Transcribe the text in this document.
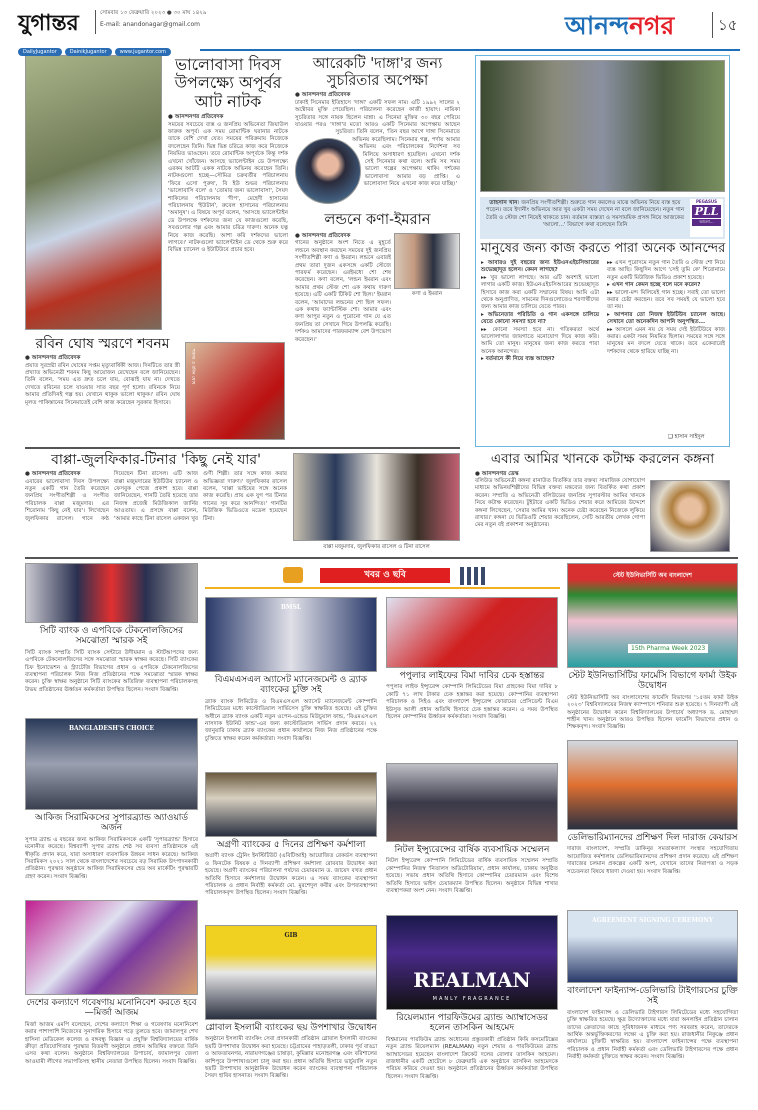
যুগান্তর	সোমবার ১৩ ফেব্রুয়ারি ২০২৩ ● ৩০ মাঘ ১৪২৯
E-mail: anandonagar@gmail.com
DailyJugantor	DainikJugantor	www.jugantor.com
আনন্দনগর	১৫
ভালোবাসা দিবস উপলক্ষ্যে অপূর্বর আট নাটক
● আনন্দনগর প্রতিবেদক
সময়ের সবচেয়ে ব্যস্ত ও জনপ্রিয় অভিনেতা জিয়াউল ফারুক অপূর্ব। এক সময় রোমান্টিক ঘরানার নাটকে তাকে বেশি দেখা যেত। সময়ের পরিক্রমায় নিজেকে বদলেছেন তিনি। ভিন্ন ভিন্ন চরিত্রে কাজ করে নিজেকে নিয়মিত ভাঙছেন। তবে রোমান্টিক অপূর্বকে কিন্তু দর্শক এখনো খোঁজেন। আসছে ভ্যালেন্টাইন ডে উপলক্ষ্যে এরকম আটটি একক নাটকে অভিনয় করেছেন তিনি। নাটকগুলো হচ্ছে—সৌমিত্র চক্রবর্তীর পরিচালনায় 'ফিরে এসো পুরুষ', বি ইউ শুভর পরিচালনায় 'ভালোবাসি বলে' ও 'তোমার জন্য ভালোবাসা', সৈয়দ শাকিলের পরিচালনায় 'দীপ', মেহেদী হাসানের পরিচালনায় 'ইউটার্ন', রুবেল হাসানের পরিচালনায় 'অমানুষ'। এ বিষয়ে অপূর্ব বলেন, 'আসছে ভ্যালেন্টাইন ডে উপলক্ষে দর্শকদের জন্য যে কাজগুলো করেছি, সবগুলোর গল্প এবং আমার চরিত্র দারুণ। অনেক যত্ন নিয়ে কাজ করেছি। আশা করি দর্শকদের ভালো লাগবে।' নাটকগুলো ভ্যালেন্টাইন ডে থেকে শুরু করে বিভিন্ন চ্যানেল ও ইউটিউবে প্রচার হবে।
আরেকটি 'দাঙ্গা'র জন্য সুচরিতার অপেক্ষা
● আনন্দনগর প্রতিবেদক
ঢাকাই সিনেমার ইতিহাসে 'দাঙ্গা' একটি সফল নাম। এটি ১৯৯২ সালের ২ অক্টোবর মুক্তি পেয়েছিল। পরিচালনা করেছেন কাজী হায়াৎ। নায়িকা সুচরিতার সঙ্গে নায়ক ছিলেন মান্না। এ সিনেমা মুক্তির ৩০ বছর পেরিয়ে যাওয়ার পরও 'দাঙ্গা'র মতো আরও একটি সিনেমার অপেক্ষায় আছেন সুচরিতা। তিনি বলেন, 'তিন বছর আগে দাঙ্গা সিনেমাতে অভিনয় করেছিলাম। সিনেমার গল্প, পর্দায় আমার অভিনয় এবং পরিচালকের নির্দেশনা সব মিলিয়ে অসাধারণ হয়েছিল। এখনো দর্শক সেই সিনেমার কথা বলে। আমি সব সময় ভালো গল্পের অপেক্ষায় থাকি। দর্শকের ভালোবাসা আমার বড় প্রাপ্তি। এ ভালোবাসা নিয়ে এখনো কাজ করে যাচ্ছি।'
লন্ডনে কণা-ইমরান
● আনন্দনগর প্রতিবেদক
গানের অনুষ্ঠানে অংশ নিতে এ মুহূর্তে লন্ডনে অবস্থান করছেন সময়ের দুই জনপ্রিয় সংগীতশিল্পী কণা ও ইমরান। লন্ডনে এবারই প্রথম তারা দুজন একসঙ্গে একটি স্টেজে পারফর্ম করেছেন। এরইমধ্যে শো শেষ করেছেন। কণা বলেন, 'লন্ডন ইমরান এবং আমার প্রথম স্টেজ শো এক কথায় দারুণ হয়েছে। এটি একটি টিকিট শো ছিল।' ইমরান বলেন, 'আমাদের লন্ডনের শো ছিল সফল। এক কথায় ফ্যান্টাস্টিক শো। আমার এবং কণা আপুর নতুন ও পুরোনো গান যে এত জনপ্রিয় তা সেখানে গিয়ে উপলব্ধি করেছি। দর্শকও আমাদের পারফরম্যান্স বেশ উপভোগ করেছেন।'
কণা ও ইমরান
রবিন ঘোষ স্মরণে শবনম
● আনন্দনগর প্রতিবেদক
প্রয়াত সুরস্রষ্টা রবিন ঘোষের সপ্তম মৃত্যুবার্ষিকী আজ। দিনটিতে তার স্ত্রী প্রখ্যাত অভিনেত্রী শবনম কিছু আয়োজন রেখেছেন বলে জানিয়েছেন। তিনি বলেন, 'সময় এত দ্রুত চলে যায়, বোঝাই যায় না। দেখতে দেখতে রবিনের চলে যাওয়ার সাত বছর পূর্ণ হলো। রবিনকে নিয়ে আমার প্রতিদিনই গল্প হয়। যেখানে থাকুক ভালো থাকুক।' রবিন ঘোষ মূলত পাকিস্তানের সিনেমাতেই বেশি কাজ করেছেন সুরকার হিসাবে।
শবনম ও রবিন ঘোষ
বাপ্পা-জুলফিকার-টিনার 'কিছু নেই যার'
● আনন্দনগর প্রতিবেদক
এবারের ভালোবাসা দিবস উপলক্ষ্যে নতুন একটি গান তৈরি করেছেন জনপ্রিয় সংগীতশিল্পী ও সংগীত পরিচালক বাপ্পা মজুমদার। এর শিরোনাম 'কিছু নেই যার'। লিখেছেন জুলফিকার রাসেল। গানে কণ্ঠ দিয়েছেন টিনা রাসেল। এটি আজ বাপ্পা মজুমদারের ইউটিউব চ্যানেল ও ফেসবুক পেজে প্রকাশ হবে। বাপ্পা জানিয়েছেন, গানটি তৈরি হয়েছে তার নিজস্ব প্রজেক্ট মিউজিকাল জার্নির আওতায়। এ প্রসঙ্গে বাপ্পা বলেন, 'আমার কাছে টিনা রাসেল একজন খুব গুণী শিল্পী। তার সঙ্গে কাজ করার অভিজ্ঞতা দারুণ।' জুলফিকার রাসেল বলেন, 'বাপ্পা ভাইয়ের সঙ্গে অনেক কাজ করেছি। প্রায় এক যুগ পর টিনার গানের সুর করে আনন্দিত।' গানটির মিউজিক ভিডিওতে মডেল হয়েছেন টিনা।
বাপ্পা মজুমদার, জুলফিকার রাসেল ও টিনা রাসেল
তাহসান খান। জনপ্রিয় সংগীতশিল্পী। শুরুতে গান করলেও মাঝে অভিনয় নিয়ে ব্যস্ত হয়ে পড়েন। তবে ইদানীং অভিনয়ে আর খুব একটা সময় দেখেন না বলে জানিয়েছেন। নতুন গান তৈরি ও স্টেজ শো নিয়েই থাকতে চান। বর্তমান ব্যস্ততা ও সমসাময়িক প্রসঙ্গ নিয়ে আজকের 'আলো...' বিভাগে কথা বলেছেন তিনি
PEGASUS
PLL
আলো...
মানুষের জন্য কাজ করতে পারা অনেক আনন্দের
▸ আবারও দুই বছরের জন্য ইউএনএইচসিআরের শুভেচ্ছাদূত হলেন। কেমন লাগছে?
▸▸ খুব ভালো লাগছে। আর এটি অবশ্যই ভালো লাগার একটি কাজ। ইউএনএইচসিআরের শুভেচ্ছাদূত হিসাবে কাজ করা একটি সম্মানের বিষয়। আমি এটা থেকে অনুপ্রাণিত, সামনের দিনগুলোতেও শরণার্থীদের জন্য আমার কাজ চালিয়ে যেতে পারব।
▸ অভিনেতার পরিচিতি ও গান একসঙ্গে চালিয়ে যেতে কোনো সমস্যা হবে না?
▸▸ কোনো সমস্যা হবে না। গতিকরতা অর্থে ভালোলাগার জায়গাতে মনোযোগ দিয়ে কাজ করি। আমি তো মানুষ। মানুষের জন্য কাজ করতে পারা অনেক আনন্দের।
▸ বর্তমানে কী নিয়ে ব্যস্ত আছেন?
▸▸ এখন পুরোদমে নতুন গান তৈরি ও স্টেজ শো নিয়ে ব্যস্ত আছি। কিছুদিন আগে 'সেই তুমি কে' শিরোনামে নতুন একটি মিউজিক ভিডিও প্রকাশ হয়েছে।
▸ এখন গান কেমন হচ্ছে বলে মনে করেন?
▸▸ ভালো-মন্দ মিলিয়েই গান হচ্ছে। সবাই তো ভালো করার চেষ্টা করছেন। তবে সব সময়ই যে ভালো হবে তা নয়।
▸ আপনার তো নিজস্ব ইউটিউব চ্যানেল আছে। সেখানে তো অনেকদিন আপনি অনুপস্থিত...
▸▸ আসলে এমন নয় যে সময় দেই ইউটিউবে কাজ করার। একটা সময় নিয়মিত ছিলাম। সময়ের সঙ্গে সঙ্গে মানুষের মন বদলে যেতে থাকে। তবে একেবারেই দর্শকদের থেকে হারিয়ে যাচ্ছি না।
❑ হাসান সাইদুল
এবার আমির খানকে কটাক্ষ করলেন কঙ্গনা
● আনন্দনগর ডেস্ক
বলিউড অভিনেত্রী কঙ্গনা রানাউত বিতর্কিত তার বক্তব্য সামাজিক যোগাযোগ মাধ্যমে অভিনয়শিল্পীদের বিভিন্ন বক্তব্য মন্তব্যের জন্য বিতর্কিত কথা প্রকাশ করেন। সম্প্রতি এ অভিনেত্রী বলিউডের জনপ্রিয় সুপারস্টার আমির খানকে নিয়ে কটাক্ষ করেছেন। টুইটারে একটি ভিডিও শেয়ার করে আমিরের উদ্দেশে কঙ্গনা লিখেছেন, 'সেরার আমির খান। অনেক চেষ্টা করেছেন নিজেকে লুকিয়ে রাখার।' কঙ্গনা যে ভিডিওটি শেয়ার করেছিলেন, সেটি আরতীয় লেখক গোপা মের নতুন বই প্রকাশনা অনুষ্ঠানের।
খবর ও ছবি
সিটি ব্যাংক ও এপবিকে টেকনোলজিসের সমঝোতা স্মারক সই
সিটি ব্যাংক সম্প্রতি সিটি ব্যাংক সেন্টারে উদীয়মান ও স্টার্টআপদের জন্য এপবিকে টেকনোলজিসের সঙ্গে সমঝোতা স্মারক স্বাক্ষর করেছে। সিটি ব্যাংকের চিফ ইনোভেশন ও স্ট্র্যাটেজি বিভাগের প্রধান ও এপবিকে টেকনোলজিসের ব্যবস্থাপনা পরিচালক নিজ নিজ প্রতিষ্ঠানের পক্ষে সমঝোতা স্মারক স্বাক্ষর করেন। চুক্তি স্বাক্ষর অনুষ্ঠানে সিটি ব্যাংকের অতিরিক্ত ব্যবস্থাপনা পরিচালকসহ উভয় প্রতিষ্ঠানের ঊর্ধ্বতন কর্মকর্তারা উপস্থিত ছিলেন। সংবাদ বিজ্ঞপ্তি।
BANGLADESH'S CHOICE
আকিজ সিরামিকসের সুপারব্র্যান্ড অ্যাওয়ার্ড অর্জন
সুপার ব্র্যান্ড এ বছরের জন্য আকিজ সিরামিকসকে একটি 'সুপারব্র্যান্ড' হিসাবে মনোনীত করেছে। বিশ্বব্যাপী সুপার ব্র্যান্ড শেষ্ঠ সব ব্যবসা প্রতিষ্ঠানকে এই স্বীকৃতি প্রদান করে, যারা অসাধারণ ব্যবসায়িক উন্নয়ন সাধন করেছে। আকিজ সিরামিকস ২০২১ সাল থেকে বাংলাদেশের সবচেয়ে বড় সিরামিক উৎপাদনকারী প্রতিষ্ঠান। পুরস্কার অনুষ্ঠানে আকিজ সিরামিকসের হেড অব মার্কেটিং পুরস্কারটি গ্রহণ করেন। সংবাদ বিজ্ঞপ্তি।
দেশের কল্যাণে গবেষণায় মনোনিবেশ করতে হবে—মির্জা আজম
মির্জা আজম এমপি বলেছেন, দেশের কল্যাণে শিক্ষা ও গবেষণায় মনোনিবেশ করার পাশাপাশি নিজেদের সুনাগরিক হিসাবে গড়ে তুলতে হবে। জামালপুর শেখ হাসিনা মেডিকেল কলেজ ও বঙ্গবন্ধু বিজ্ঞান ও প্রযুক্তি বিশ্ববিদ্যালয়ের বার্ষিক ক্রীড়া প্রতিযোগিতার পুরস্কার বিতরণী অনুষ্ঠানে প্রধান অতিথির বক্তব্যে তিনি এসব কথা বলেন। অনুষ্ঠানে বিশ্ববিদ্যালয়ের উপাচার্য, জামালপুর জেলা আওয়ামী লীগের সভাপতিসহ স্থানীয় নেতারা উপস্থিত ছিলেন। সংবাদ বিজ্ঞপ্তি।
BMSL
বিএমএসএল অ্যাসেট ম্যানেজমেন্ট ও ব্র্যাক ব্যাংকের চুক্তি সই
ব্র্যাক ব্যাংক লিমিটেড ও বিএমএসএল অ্যাসেট ম্যানেজমেন্ট কোম্পানি লিমিটেডের মধ্যে কাস্টোডিয়াল সার্ভিসেস চুক্তি স্বাক্ষরিত হয়েছে। এই চুক্তির অধীনে ব্র্যাক ব্যাংক একটি নতুন ওপেন-এন্ডেড মিউচুয়াল ফান্ড, 'বিএমএসএল নাসদাক ইউনিট ফান্ড'-এর জন্য কাস্টোডিয়াল সার্ভিস প্রদান করবে। ২২ জানুয়ারি ঢাকায় ব্র্যাক ব্যাংকের প্রধান কার্যালয়ে নিজ নিজ প্রতিষ্ঠানের পক্ষে চুক্তিতে স্বাক্ষর করেন কর্মকর্তারা। সংবাদ বিজ্ঞপ্তি।
অগ্রণী ব্যাংকের ৫ দিনের প্রশিক্ষণ কর্মশালা
অগ্রণী ব্যাংক ট্রেনিং ইনস্টিটিউট (এবিটিআই) আয়োজিত রেকর্ডস ব্যবস্থাপনা ও ফিনটেক বিষয়ক ৫ দিনব্যাপী প্রশিক্ষণ কর্মশালা রোববার উদ্বোধন করা হয়েছে। অগ্রণী ব্যাংকের পরিচালনা পর্ষদের চেয়ারম্যান ড. জায়েদ বখত প্রধান অতিথি হিসাবে কর্মশালার উদ্বোধন করেন। এ সময় ব্যাংকের ব্যবস্থাপনা পরিচালক ও প্রধান নির্বাহী কর্মকর্তা মো. মুরশেদুল কবীর এবং উপব্যবস্থাপনা পরিচালকবৃন্দ উপস্থিত ছিলেন। সংবাদ বিজ্ঞপ্তি।
GIB
গ্লোবাল ইসলামী ব্যাংকের ছয় উপশাখার উদ্বোধন
অনুষ্ঠানে ইসলামী ব্যাংকিং সেবা প্রদানকারী প্রতিষ্ঠান গ্লোবাল ইসলামী ব্যাংকের ছয়টি উপশাখার উদ্বোধন করা হয়েছে। চট্টগ্রামের পাহাড়তলী, ঢাকার পূর্ব বাড্ডা ও আফতাবনগর, নারায়ণগঞ্জের চাষাড়া, কুমিল্লার মনোহরগঞ্জ এবং বরিশালের কাশিপুরে উপশাখাগুলো চালু করা হয়। প্রধান অতিথি হিসাবে ভার্চুয়ালি নতুন ছয়টি উপশাখার আনুষ্ঠানিক উদ্বোধন করেন ব্যাংকের ব্যবস্থাপনা পরিচালক সৈয়দ হাবিব হাসনাত। সংবাদ বিজ্ঞপ্তি।
পপুলার লাইফের বিমা দাবির চেক হস্তান্তর
পপুলার লাইফ ইন্স্যুরেন্স কোম্পানি লিমিটেডের বিমা গ্রাহকের বিমা দাবির ৮ কোটি ৭১ লাখ টাকার চেক হস্তান্তর করা হয়েছে। কোম্পানির ব্যবস্থাপনা পরিচালক ও সিইও এবং বাংলাদেশ ইন্স্যুরেন্স ফোরামের প্রেসিডেন্ট বিএম ইউসুফ আলী প্রধান অতিথি হিসাবে চেক হস্তান্তর করেন। এ সময় উপস্থিত ছিলেন কোম্পানির ঊর্ধ্বতন কর্মকর্তারা। সংবাদ বিজ্ঞপ্তি।
নিটল ইন্স্যুরেন্সের বার্ষিক ব্যবসায়িক সম্মেলন
নিটল ইন্স্যুরেন্স কোম্পানি লিমিটেডের বার্ষিক ব্যবসায়িক সম্মেলন সম্প্রতি কোম্পানির নিজস্ব 'নিতালস অডিটোরিয়াম', প্রধান কার্যালয়, ঢাকায় অনুষ্ঠিত হয়েছে। সভায় প্রধান অতিথি হিসাবে কোম্পানির চেয়ারম্যান এবং বিশেষ অতিথি হিসাবে ভাইস চেয়ারম্যান উপস্থিত ছিলেন। অনুষ্ঠানে বিভিন্ন শাখার ব্যবস্থাপকরা অংশ নেন। সংবাদ বিজ্ঞপ্তি।
REALMAN
MANLY FRAGRANCE
রিয়েলম্যান পারফিউমের ব্র্যান্ড অ্যাম্বাসেডর হলেন তাসকিন আহমেদ
বিশ্বমানের পারফিউম ব্র্যান্ড অধোনের প্রস্তুতকারী প্রতিষ্ঠান কিমি কসমেটিক্সের নতুন ব্র্যান্ড রিয়েলম্যান (REALMAN) নতুন শেয়ার ও পারফিউমের ব্র্যান্ড অ্যাম্বাসেডর হয়েছেন বাংলাদেশ ক্রিকেট দলের বোলার তাসকিন আহমেদ। রাজধানীর একটি হোটেলে ৮ ফেব্রুয়ারি এক অনুষ্ঠানে তাসকিন আহমেদকে পরিচয় করিয়ে দেওয়া হয়। অনুষ্ঠানে প্রতিষ্ঠানের ঊর্ধ্বতন কর্মকর্তারা উপস্থিত ছিলেন। সংবাদ বিজ্ঞপ্তি।
স্টেট ইউনিভার্সিটি অব বাংলাদেশ
15th Pharma Week 2023
স্টেট ইউনিভার্সিটির ফার্মেসি বিভাগে ফার্মা উইক উদ্বোধন
স্টেট ইউনিভার্সিটি অব বাংলাদেশের ফার্মেসি বিভাগের '১৫তম ফার্মা উইক ২০২৩' বিশ্ববিদ্যালয়ের নিজস্ব ক্যাম্পাসে শনিবার শুরু হয়েছে। ৭ দিনব্যাপী এই অনুষ্ঠানের উদ্বোধন করেন বিশ্ববিদ্যালয়ের উপাচার্য অধ্যাপক ড. মোহাম্মদ শাহীন খান। অনুষ্ঠানে আরও উপস্থিত ছিলেন ফার্মেসি বিভাগের প্রধান ও শিক্ষকবৃন্দ। সংবাদ বিজ্ঞপ্তি।
ডেলিভারিম্যানদের প্রশিক্ষণ দিল দারাজ কেয়ারস
দারাজ বাংলাদেশ, সম্প্রতি ডাকিনুর সমতাকল্যাণ সংস্থার সহযোগিতায় আয়োজিত কর্মশালায় ডেলিভারিম্যানদের প্রশিক্ষণ প্রদান করেছে। এই প্রশিক্ষণ দারাজের চলমান প্রকল্পের একটি অংশ, যেখানে তাদের নিরাপত্তা ও সড়ক সচেতনতা বিষয়ে ধারণা দেওয়া হয়। সংবাদ বিজ্ঞপ্তি।
AGREEMENT SIGNING CEREMONY
বাংলাদেশ ফাইন্যান্স-ডেলিভারি টাইগারসের চুক্তি সই
বাংলাদেশ ফাইন্যান্স ও ডেলিভারি টাইগারস লিমিটেডের মধ্যে সহযোগিতা চুক্তি স্বাক্ষরিত হয়েছে। ক্ষুদ্র উদ্যোক্তাদের মধ্যে যারা অনলাইন প্রতিষ্ঠান চালান তাদের ক্রেতাদের কাছে সুবিধাজনক মাধ্যমে পণ্য সরবরাহ করেন, তাদেরকে আর্থিক অন্তর্ভুক্তিকরণের লক্ষ্যে এ চুক্তি করা হয়। রাজধানীর নিকুঞ্জে প্রধান কার্যালয়ে চুক্তিটি স্বাক্ষরিত হয়। বাংলাদেশ ফাইন্যান্সের পক্ষে ব্যবস্থাপনা পরিচালক ও প্রধান নির্বাহী কর্মকর্তা এবং ডেলিভারি টাইগারসের পক্ষে প্রধান নির্বাহী কর্মকর্তা চুক্তিতে স্বাক্ষর করেন। সংবাদ বিজ্ঞপ্তি।
